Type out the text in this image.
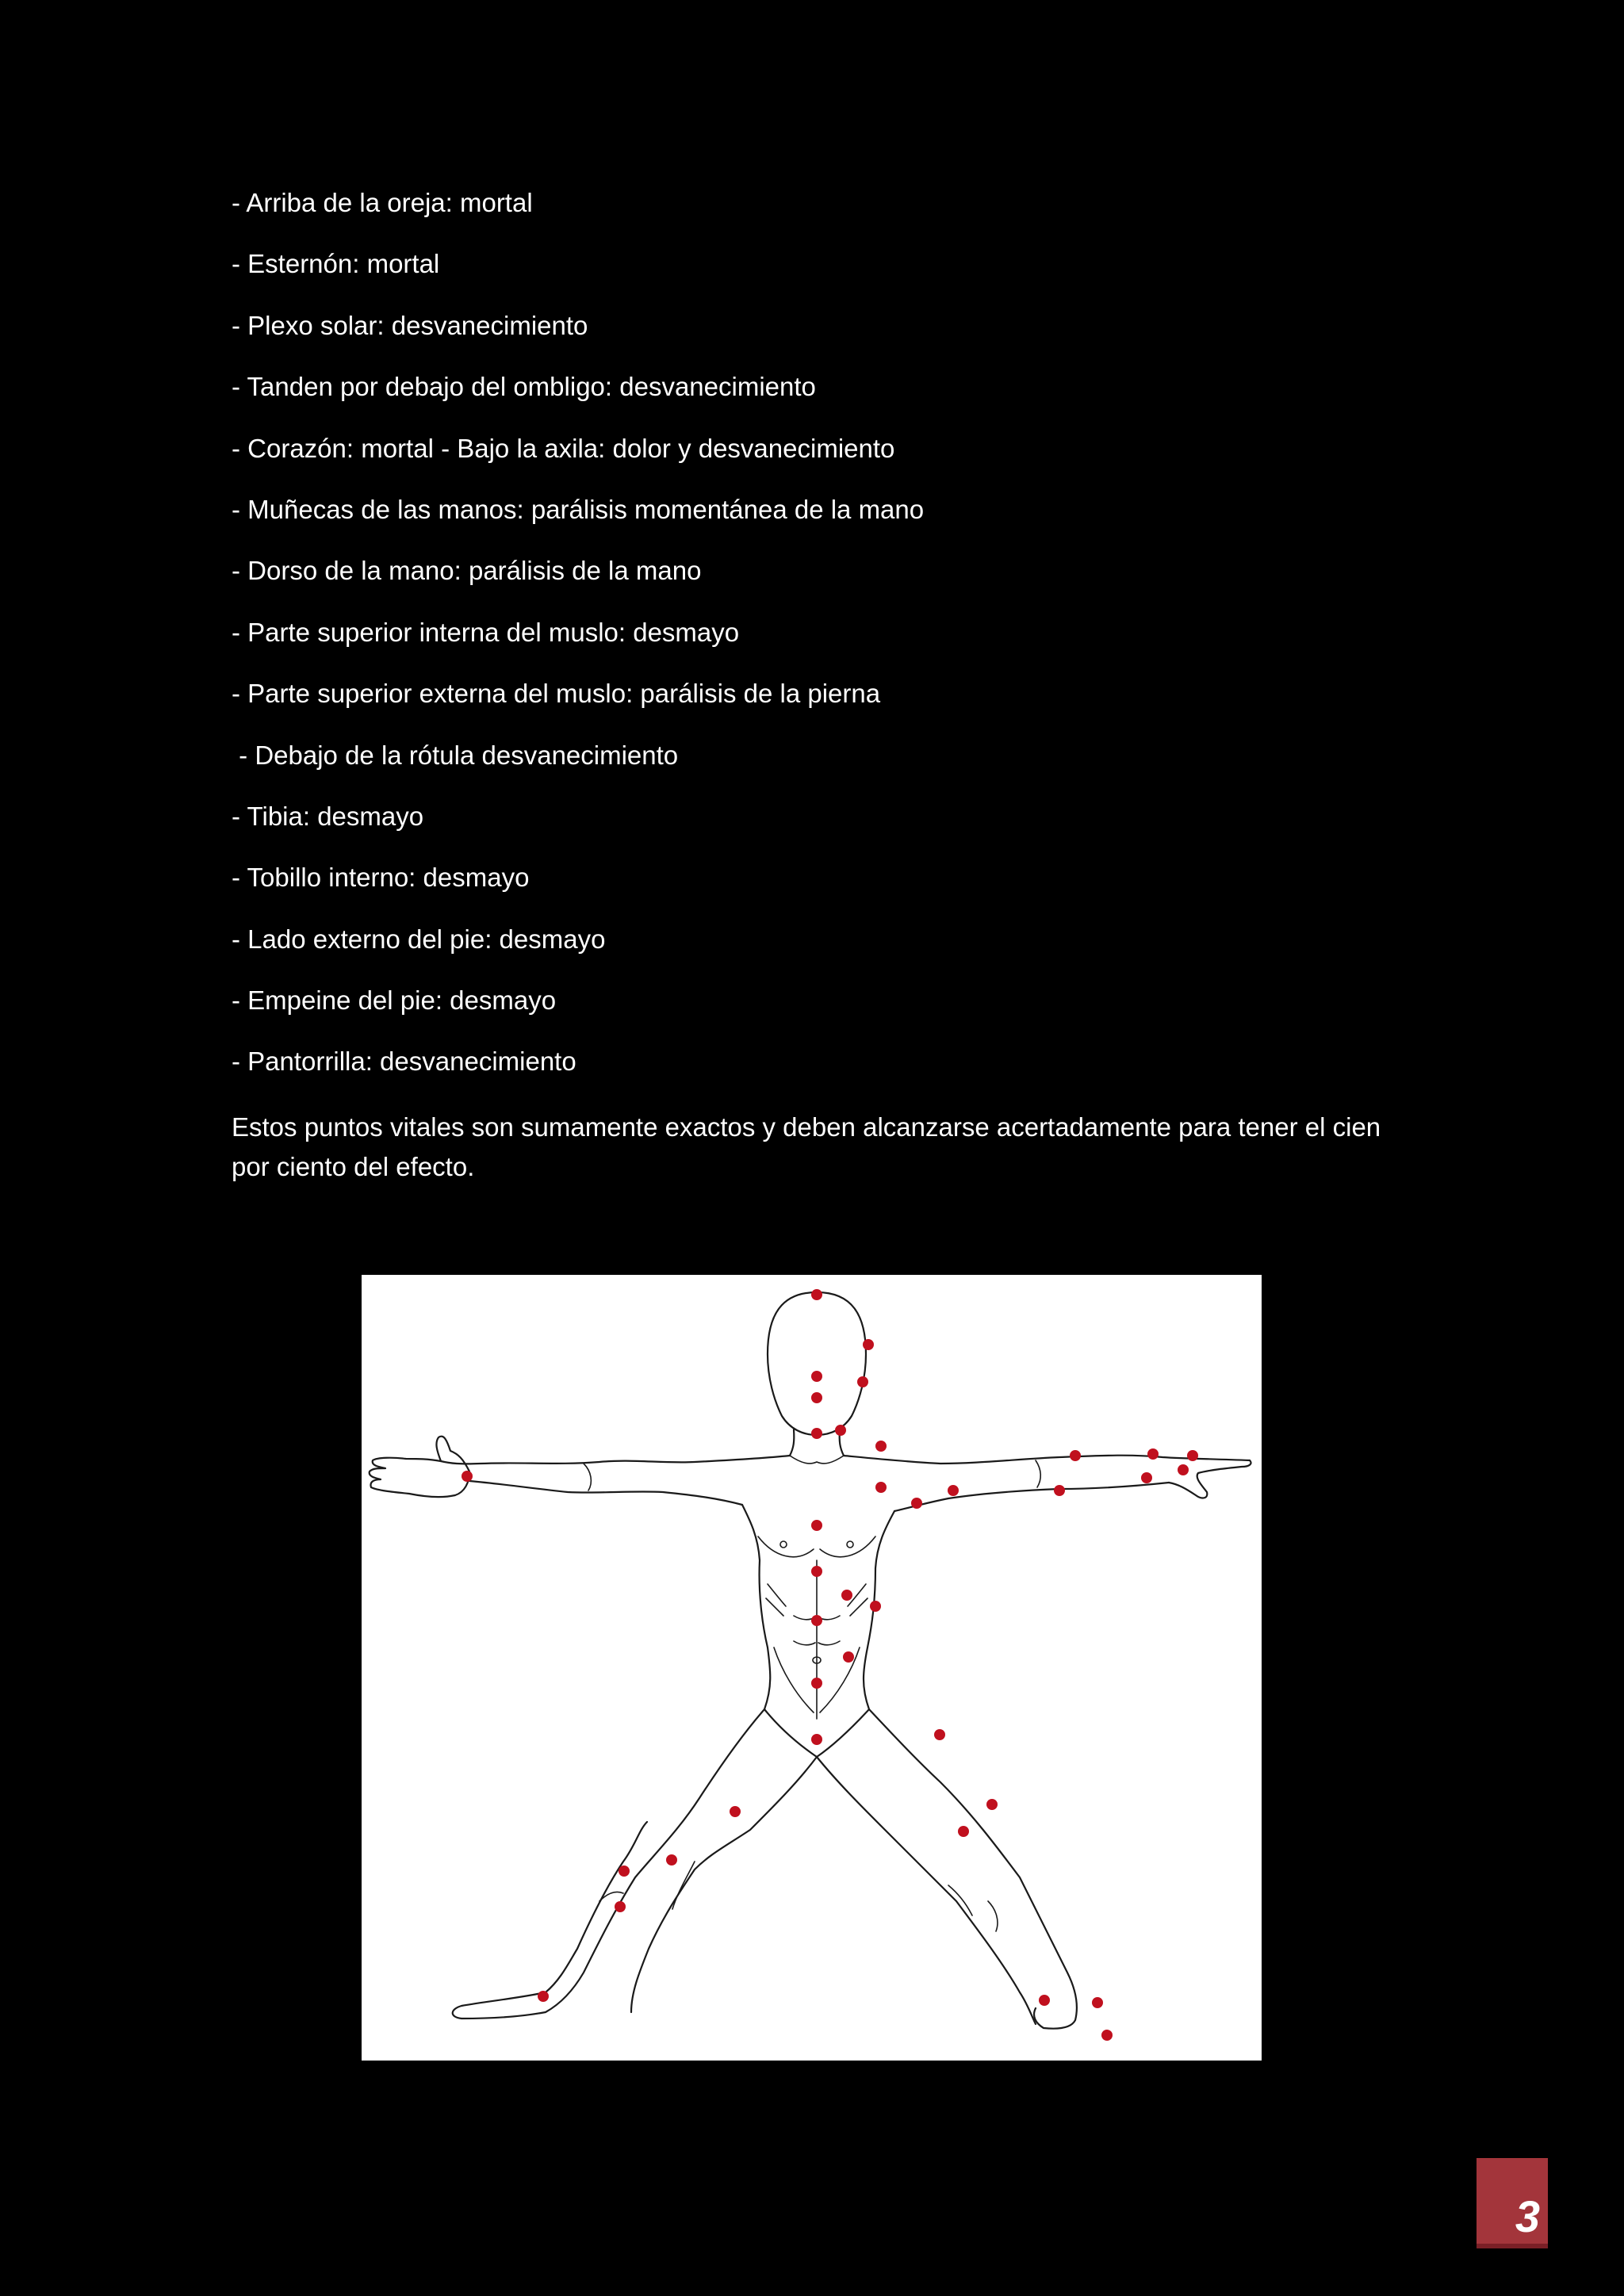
- Arriba de la oreja: mortal
- Esternón: mortal
- Plexo solar: desvanecimiento
- Tanden por debajo del ombligo: desvanecimiento
- Corazón: mortal - Bajo la axila: dolor y desvanecimiento
- Muñecas de las manos: parálisis momentánea de la mano
- Dorso de la mano: parálisis de la mano
- Parte superior interna del muslo: desmayo
- Parte superior externa del muslo: parálisis de la pierna
- Debajo de la rótula desvanecimiento
- Tibia: desmayo
- Tobillo interno: desmayo
- Lado externo del pie: desmayo
- Empeine del pie: desmayo
- Pantorrilla: desvanecimiento

Estos puntos vitales son sumamente exactos y deben alcanzarse acertadamente para tener el cien por ciento del efecto.

3
